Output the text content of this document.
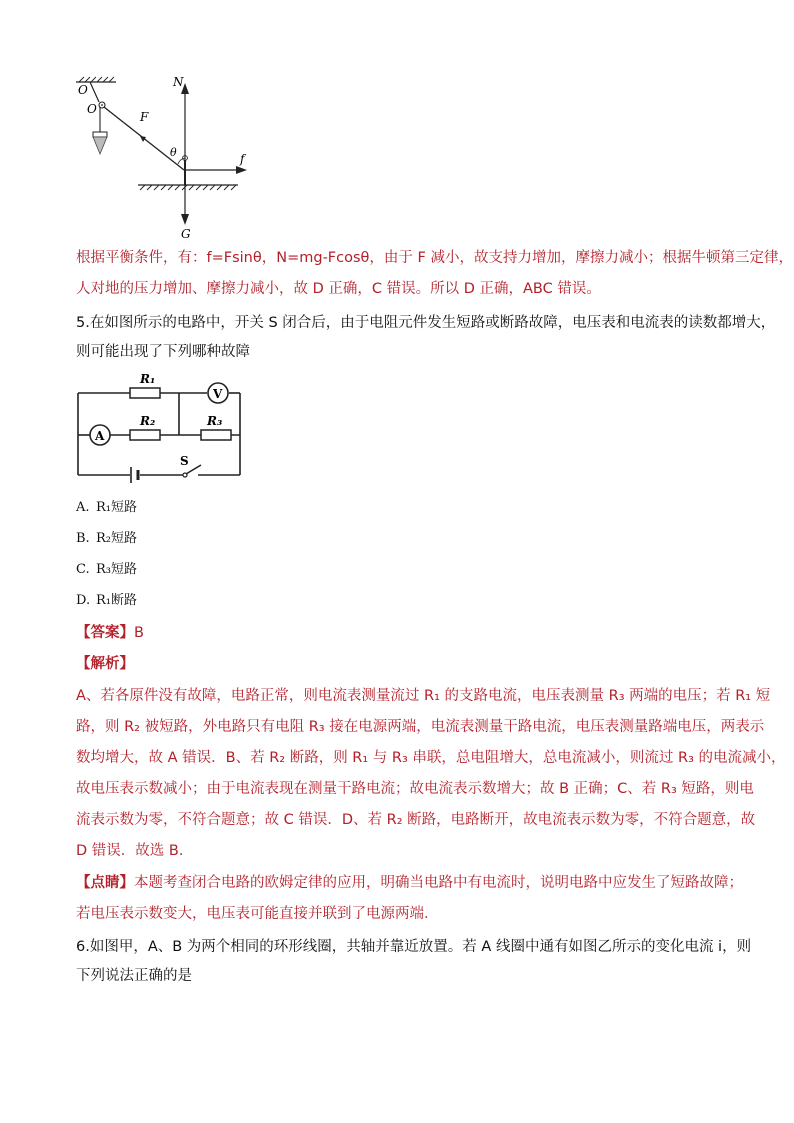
O
O
N
F
θ	f
G
根据平衡条件，有：f=Fsinθ，N=mg-Fcosθ，由于 F 减小，故支持力增加，摩擦力减小；根据牛顿第三定律，
人对地的压力增加、摩擦力减小，故 D 正确，C 错误。所以 D 正确，ABC 错误。
5.在如图所示的电路中，开关 S 闭合后，由于电阻元件发生短路或断路故障，电压表和电流表的读数都增大，
则可能出现了下列哪种故障
R₁
R₂	R₃
V
A
S
A. R₁短路
B. R₂短路
C. R₃短路
D. R₁断路
【答案】B
【解析】
A、若各原件没有故障，电路正常，则电流表测量流过 R₁ 的支路电流，电压表测量 R₃ 两端的电压；若 R₁ 短
路，则 R₂ 被短路，外电路只有电阻 R₃ 接在电源两端，电流表测量干路电流，电压表测量路端电压，两表示
数均增大，故 A 错误．B、若 R₂ 断路，则 R₁ 与 R₃ 串联，总电阻增大，总电流减小，则流过 R₃ 的电流减小，
故电压表示数减小；由于电流表现在测量干路电流；故电流表示数增大；故 B 正确；C、若 R₃ 短路，则电
流表示数为零，不符合题意；故 C 错误．D、若 R₂ 断路，电路断开，故电流表示数为零，不符合题意，故
D 错误．故选 B．
【点睛】本题考查闭合电路的欧姆定律的应用，明确当电路中有电流时，说明电路中应发生了短路故障；
若电压表示数变大，电压表可能直接并联到了电源两端．
6.如图甲，A、B 为两个相同的环形线圈，共轴并靠近放置。若 A 线圈中通有如图乙所示的变化电流 i，则
下列说法正确的是
